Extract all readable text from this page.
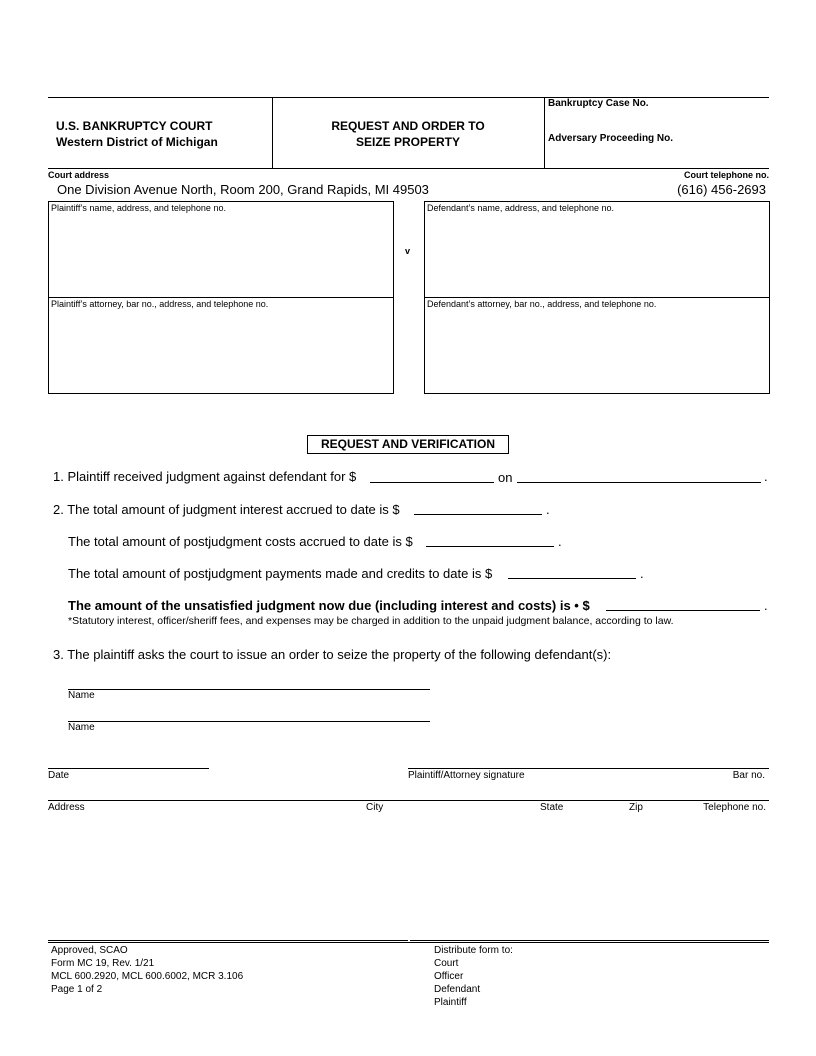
U.S. BANKRUPTCY COURT
Western District of Michigan
REQUEST AND ORDER TO
SEIZE PROPERTY
Bankruptcy Case No.
Adversary Proceeding No.
Court address
One Division Avenue North, Room 200, Grand Rapids, MI 49503
Court telephone no.
(616) 456-2693
Plaintiff’s name, address, and telephone no.	Defendant’s name, address, and telephone no.
v
Plaintiff’s attorney, bar no., address, and telephone no.	Defendant’s attorney, bar no., address, and telephone no.
REQUEST AND VERIFICATION
1. Plaintiff received judgment against defendant for $	on	.
2. The total amount of judgment interest accrued to date is $	.
The total amount of postjudgment costs accrued to date is $	.
The total amount of postjudgment payments made and credits to date is $	.
The amount of the unsatisfied judgment now due (including interest and costs) is • $	.
*Statutory interest, officer/sheriff fees, and expenses may be charged in addition to the unpaid judgment balance, according to law.
3. The plaintiff asks the court to issue an order to seize the property of the following defendant(s):
Name
Name
Date	Plaintiff/Attorney signature	Bar no.
Address	City	State	Zip	Telephone no.
Approved, SCAO
Form MC 19, Rev. 1/21
MCL 600.2920, MCL 600.6002, MCR 3.106
Page 1 of 2
Distribute form to:
Court
Officer
Defendant
Plaintiff
